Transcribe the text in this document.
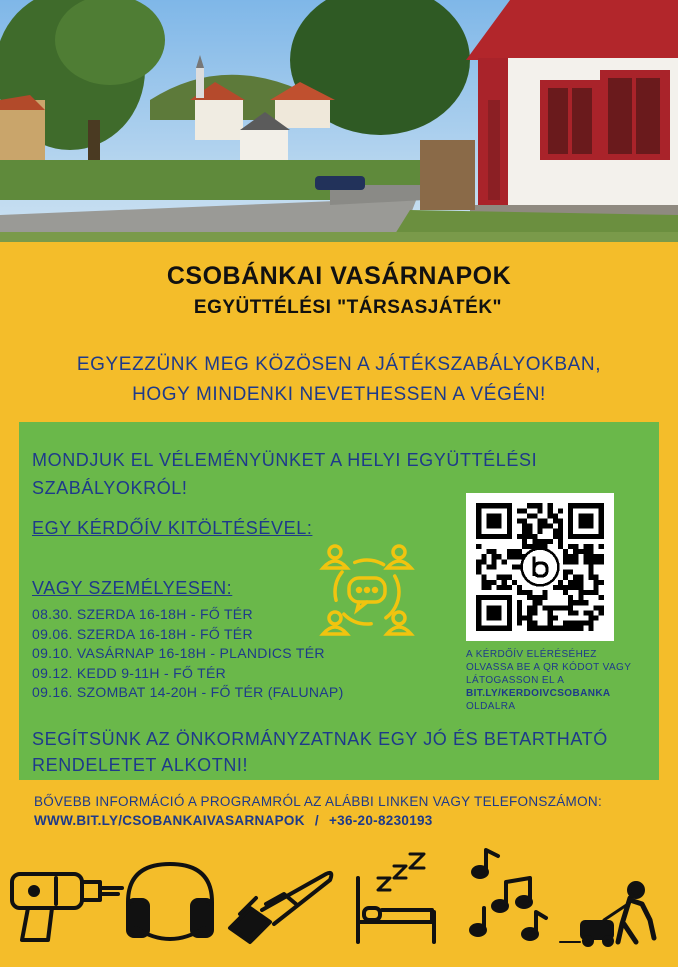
CSOBÁNKAI VASÁRNAPOK
EGYÜTTÉLÉSI "TÁRSASJÁTÉK"
EGYEZZÜNK MEG KÖZÖSEN A JÁTÉKSZABÁLYOKBAN,
HOGY MINDENKI NEVETHESSEN A VÉGÉN!
MONDJUK EL VÉLEMÉNYÜNKET A HELYI EGYÜTTÉLÉSI
SZABÁLYOKRÓL!
EGY KÉRDŐÍV KITÖLTÉSÉVEL:
VAGY SZEMÉLYESEN:
08.30. SZERDA 16-18H - FŐ TÉR
09.06. SZERDA 16-18H - FŐ TÉR
09.10. VASÁRNAP 16-18H - PLANDICS TÉR
09.12. KEDD 9-11H - FŐ TÉR
09.16. SZOMBAT 14-20H - FŐ TÉR (FALUNAP)
A KÉRDŐÍV ELÉRÉSÉHEZ
OLVASSA BE A QR KÓDOT VAGY
LÁTOGASSON EL A
BIT.LY/KERDOIVCSOBANKA
OLDALRA
SEGÍTSÜNK AZ ÖNKORMÁNYZATNAK EGY JÓ ÉS BETARTHATÓ
RENDELETET ALKOTNI!
BŐVEBB INFORMÁCIÓ A PROGRAMRÓL AZ ALÁBBI LINKEN VAGY TELEFONSZÁMON:
WWW.BIT.LY/CSOBANKAIVASARNAPOK / +36-20-8230193
